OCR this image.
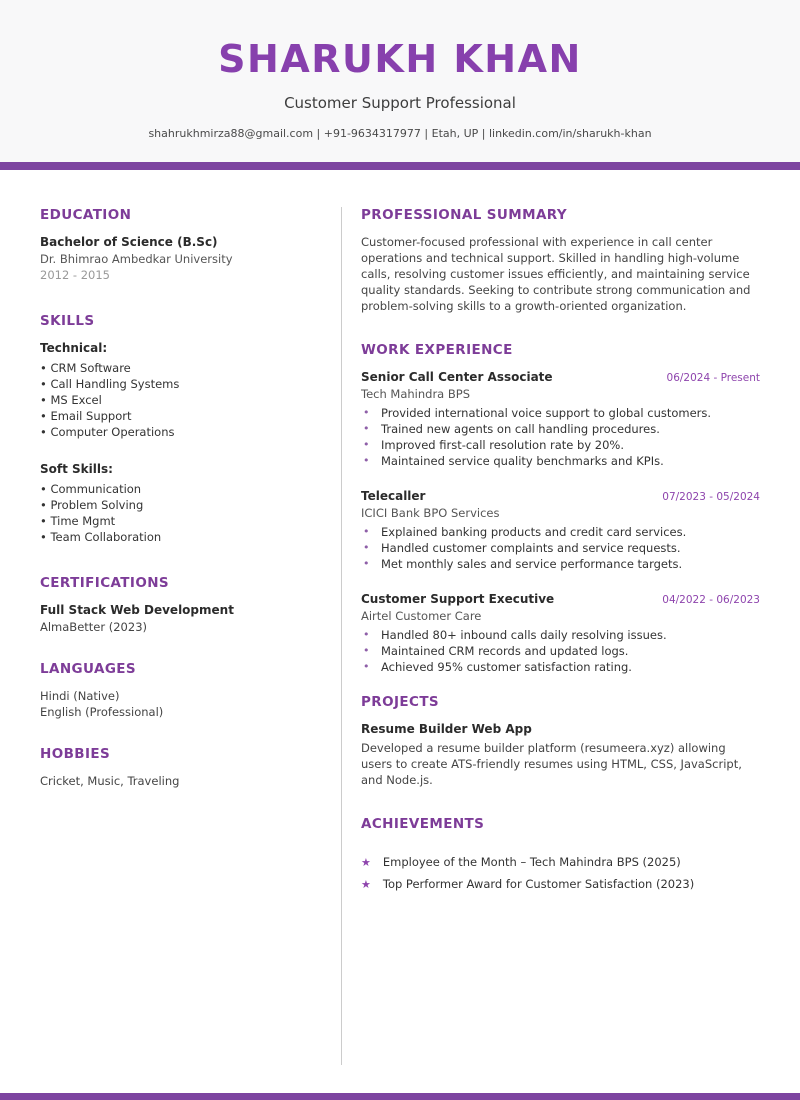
SHARUKH KHAN
Customer Support Professional
shahrukhmirza88@gmail.com | +91-9634317977 | Etah, UP | linkedin.com/in/sharukh-khan
EDUCATION
Bachelor of Science (B.Sc)
Dr. Bhimrao Ambedkar University
2012 - 2015
SKILLS
Technical:
• CRM Software
• Call Handling Systems
• MS Excel
• Email Support
• Computer Operations
Soft Skills:
• Communication
• Problem Solving
• Time Mgmt
• Team Collaboration
CERTIFICATIONS
Full Stack Web Development
AlmaBetter (2023)
LANGUAGES
Hindi (Native)
English (Professional)
HOBBIES
Cricket, Music, Traveling
PROFESSIONAL SUMMARY

Customer-focused professional with experience in call center operations and technical support. Skilled in handling high-volume calls, resolving customer issues efficiently, and maintaining service quality standards. Seeking to contribute strong communication and problem-solving skills to a growth-oriented organization.

WORK EXPERIENCE
Senior Call Center Associate	06/2024 - Present
Tech Mahindra BPS
• Provided international voice support to global customers.
• Trained new agents on call handling procedures.
• Improved first-call resolution rate by 20%.
• Maintained service quality benchmarks and KPIs.
Telecaller	07/2023 - 05/2024
ICICI Bank BPO Services
• Explained banking products and credit card services.
• Handled customer complaints and service requests.
• Met monthly sales and service performance targets.
Customer Support Executive	04/2022 - 06/2023
Airtel Customer Care
• Handled 80+ inbound calls daily resolving issues.
• Maintained CRM records and updated logs.
• Achieved 95% customer satisfaction rating.
PROJECTS
Resume Builder Web App

Developed a resume builder platform (resumeera.xyz) allowing users to create ATS-friendly resumes using HTML, CSS, JavaScript, and Node.js.

ACHIEVEMENTS
★ Employee of the Month – Tech Mahindra BPS (2025)
★ Top Performer Award for Customer Satisfaction (2023)
